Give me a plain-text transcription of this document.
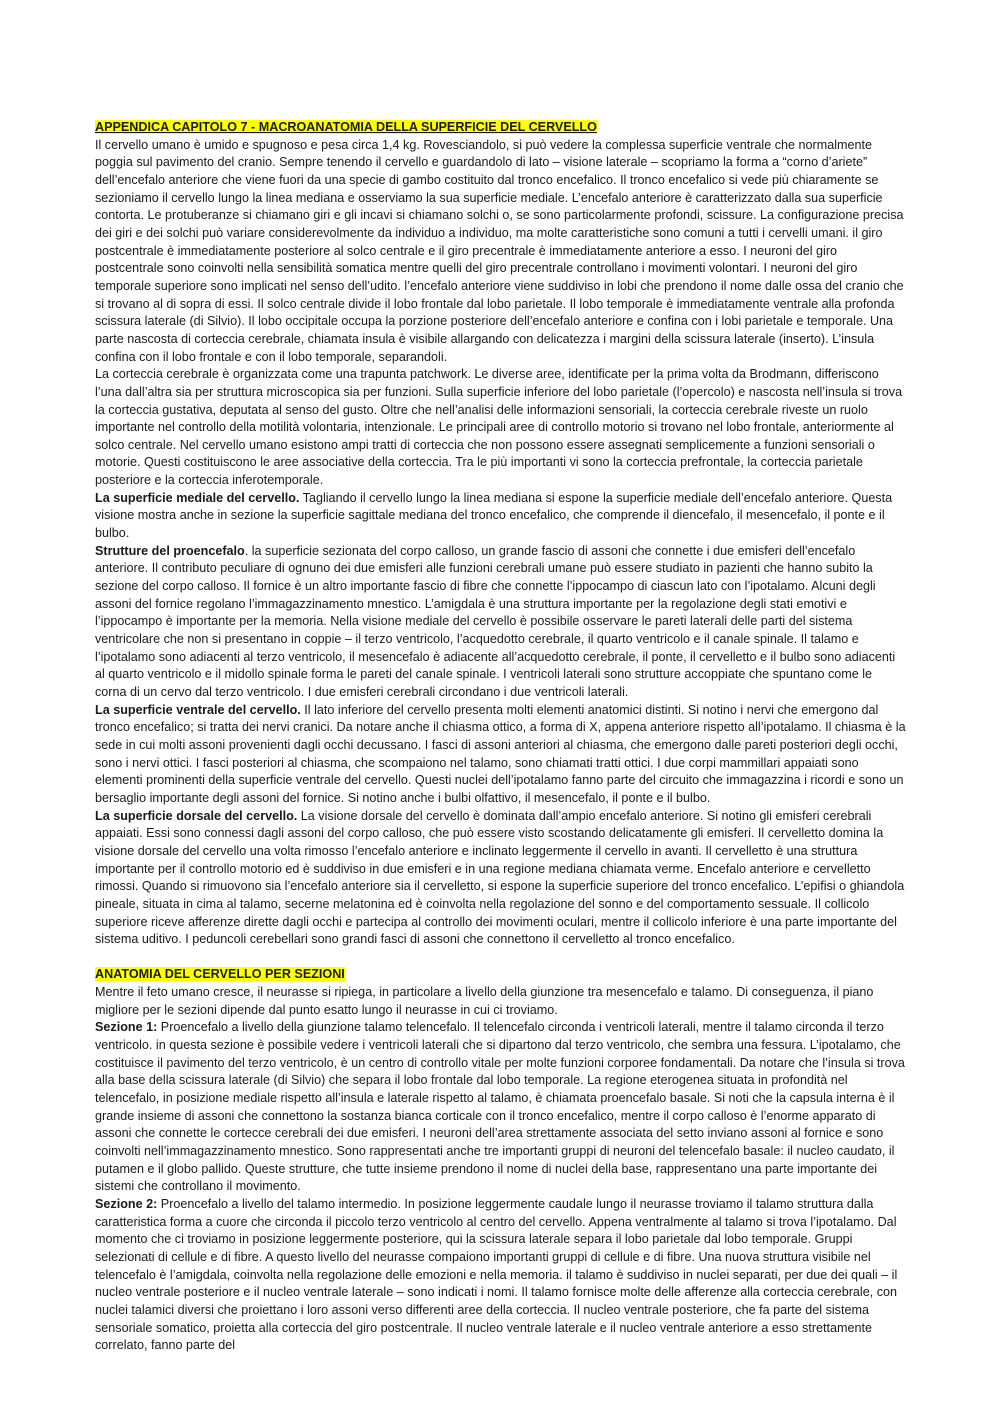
APPENDICA CAPITOLO 7 - MACROANATOMIA DELLA SUPERFICIE DEL CERVELLO

Il cervello umano è umido e spugnoso e pesa circa 1,4 kg. Rovesciandolo, si può vedere la complessa superficie ventrale che normalmente poggia sul pavimento del cranio. Sempre tenendo il cervello e guardandolo di lato – visione laterale – scopriamo la forma a “corno d’ariete” dell’encefalo anteriore che viene fuori da una specie di gambo costituito dal tronco encefalico. Il tronco encefalico si vede più chiaramente se sezioniamo il cervello lungo la linea mediana e osserviamo la sua superficie mediale. L’encefalo anteriore è caratterizzato dalla sua superficie contorta. Le protuberanze si chiamano giri e gli incavi si chiamano solchi o, se sono particolarmente profondi, scissure. La configurazione precisa dei giri e dei solchi può variare considerevolmente da individuo a individuo, ma molte caratteristiche sono comuni a tutti i cervelli umani. il giro postcentrale è immediatamente posteriore al solco centrale e il giro precentrale è immediatamente anteriore a esso. I neuroni del giro postcentrale sono coinvolti nella sensibilità somatica mentre quelli del giro precentrale controllano i movimenti volontari. I neuroni del giro temporale superiore sono implicati nel senso dell’udito. l’encefalo anteriore viene suddiviso in lobi che prendono il nome dalle ossa del cranio che si trovano al di sopra di essi. Il solco centrale divide il lobo frontale dal lobo parietale. Il lobo temporale è immediatamente ventrale alla profonda scissura laterale (di Silvio). Il lobo occipitale occupa la porzione posteriore dell’encefalo anteriore e confina con i lobi parietale e temporale. Una parte nascosta di corteccia cerebrale, chiamata insula è visibile allargando con delicatezza i margini della scissura laterale (inserto). L’insula confina con il lobo frontale e con il lobo temporale, separandoli.

La corteccia cerebrale è organizzata come una trapunta patchwork. Le diverse aree, identificate per la prima volta da Brodmann, differiscono l’una dall’altra sia per struttura microscopica sia per funzioni. Sulla superficie inferiore del lobo parietale (l’opercolo) e nascosta nell’insula si trova la corteccia gustativa, deputata al senso del gusto. Oltre che nell’analisi delle informazioni sensoriali, la corteccia cerebrale riveste un ruolo importante nel controllo della motilità volontaria, intenzionale. Le principali aree di controllo motorio si trovano nel lobo frontale, anteriormente al solco centrale. Nel cervello umano esistono ampi tratti di corteccia che non possono essere assegnati semplicemente a funzioni sensoriali o motorie. Questi costituiscono le aree associative della corteccia. Tra le più importanti vi sono la corteccia prefrontale, la corteccia parietale posteriore e la corteccia inferotemporale.

La superficie mediale del cervello. Tagliando il cervello lungo la linea mediana si espone la superficie mediale dell’encefalo anteriore. Questa visione mostra anche in sezione la superficie sagittale mediana del tronco encefalico, che comprende il diencefalo, il mesencefalo, il ponte e il bulbo.

Strutture del proencefalo. la superficie sezionata del corpo calloso, un grande fascio di assoni che connette i due emisferi dell’encefalo anteriore. Il contributo peculiare di ognuno dei due emisferi alle funzioni cerebrali umane può essere studiato in pazienti che hanno subito la sezione del corpo calloso. Il fornice è un altro importante fascio di fibre che connette l’ippocampo di ciascun lato con l’ipotalamo. Alcuni degli assoni del fornice regolano l’immagazzinamento mnestico. L’amigdala è una struttura importante per la regolazione degli stati emotivi e l’ippocampo è importante per la memoria. Nella visione mediale del cervello è possibile osservare le pareti laterali delle parti del sistema ventricolare che non si presentano in coppie – il terzo ventricolo, l’acquedotto cerebrale, il quarto ventricolo e il canale spinale. Il talamo e l’ipotalamo sono adiacenti al terzo ventricolo, il mesencefalo è adiacente all’acquedotto cerebrale, il ponte, il cervelletto e il bulbo sono adiacenti al quarto ventricolo e il midollo spinale forma le pareti del canale spinale. I ventricoli laterali sono strutture accoppiate che spuntano come le corna di un cervo dal terzo ventricolo. I due emisferi cerebrali circondano i due ventricoli laterali.

La superficie ventrale del cervello. Il lato inferiore del cervello presenta molti elementi anatomici distinti. Si notino i nervi che emergono dal tronco encefalico; si tratta dei nervi cranici. Da notare anche il chiasma ottico, a forma di X, appena anteriore rispetto all’ipotalamo. Il chiasma è la sede in cui molti assoni provenienti dagli occhi decussano. I fasci di assoni anteriori al chiasma, che emergono dalle pareti posteriori degli occhi, sono i nervi ottici. I fasci posteriori al chiasma, che scompaiono nel talamo, sono chiamati tratti ottici. I due corpi mammillari appaiati sono elementi prominenti della superficie ventrale del cervello. Questi nuclei dell’ipotalamo fanno parte del circuito che immagazzina i ricordi e sono un bersaglio importante degli assoni del fornice. Si notino anche i bulbi olfattivo, il mesencefalo, il ponte e il bulbo.

La superficie dorsale del cervello. La visione dorsale del cervello è dominata dall’ampio encefalo anteriore. Si notino gli emisferi cerebrali appaiati. Essi sono connessi dagli assoni del corpo calloso, che può essere visto scostando delicatamente gli emisferi. Il cervelletto domina la visione dorsale del cervello una volta rimosso l’encefalo anteriore e inclinato leggermente il cervello in avanti. Il cervelletto è una struttura importante per il controllo motorio ed è suddiviso in due emisferi e in una regione mediana chiamata verme. Encefalo anteriore e cervelletto rimossi. Quando si rimuovono sia l’encefalo anteriore sia il cervelletto, si espone la superficie superiore del tronco encefalico. L’epifisi o ghiandola pineale, situata in cima al talamo, secerne melatonina ed è coinvolta nella regolazione del sonno e del comportamento sessuale. Il collicolo superiore riceve afferenze dirette dagli occhi e partecipa al controllo dei movimenti oculari, mentre il collicolo inferiore è una parte importante del sistema uditivo. I peduncoli cerebellari sono grandi fasci di assoni che connettono il cervelletto al tronco encefalico.

ANATOMIA DEL CERVELLO PER SEZIONI

Mentre il feto umano cresce, il neurasse si ripiega, in particolare a livello della giunzione tra mesencefalo e talamo. Di conseguenza, il piano migliore per le sezioni dipende dal punto esatto lungo il neurasse in cui ci troviamo.

Sezione 1: Proencefalo a livello della giunzione talamo telencefalo. Il telencefalo circonda i ventricoli laterali, mentre il talamo circonda il terzo ventricolo. in questa sezione è possibile vedere i ventricoli laterali che si dipartono dal terzo ventricolo, che sembra una fessura. L’ipotalamo, che costituisce il pavimento del terzo ventricolo, è un centro di controllo vitale per molte funzioni corporee fondamentali. Da notare che l’insula si trova alla base della scissura laterale (di Silvio) che separa il lobo frontale dal lobo temporale. La regione eterogenea situata in profondità nel telencefalo, in posizione mediale rispetto all’insula e laterale rispetto al talamo, è chiamata proencefalo basale. Si noti che la capsula interna è il grande insieme di assoni che connettono la sostanza bianca corticale con il tronco encefalico, mentre il corpo calloso è l’enorme apparato di assoni che connette le cortecce cerebrali dei due emisferi. I neuroni dell’area strettamente associata del setto inviano assoni al fornice e sono coinvolti nell’immagazzinamento mnestico. Sono rappresentati anche tre importanti gruppi di neuroni del telencefalo basale: il nucleo caudato, il putamen e il globo pallido. Queste strutture, che tutte insieme prendono il nome di nuclei della base, rappresentano una parte importante dei sistemi che controllano il movimento.

Sezione 2: Proencefalo a livello del talamo intermedio. In posizione leggermente caudale lungo il neurasse troviamo il talamo struttura dalla caratteristica forma a cuore che circonda il piccolo terzo ventricolo al centro del cervello. Appena ventralmente al talamo si trova l’ipotalamo. Dal momento che ci troviamo in posizione leggermente posteriore, qui la scissura laterale separa il lobo parietale dal lobo temporale. Gruppi selezionati di cellule e di fibre. A questo livello del neurasse compaiono importanti gruppi di cellule e di fibre. Una nuova struttura visibile nel telencefalo è l’amigdala, coinvolta nella regolazione delle emozioni e nella memoria. il talamo è suddiviso in nuclei separati, per due dei quali – il nucleo ventrale posteriore e il nucleo ventrale laterale – sono indicati i nomi. Il talamo fornisce molte delle afferenze alla corteccia cerebrale, con nuclei talamici diversi che proiettano i loro assoni verso differenti aree della corteccia. Il nucleo ventrale posteriore, che fa parte del sistema sensoriale somatico, proietta alla corteccia del giro postcentrale. Il nucleo ventrale laterale e il nucleo ventrale anteriore a esso strettamente correlato, fanno parte del
